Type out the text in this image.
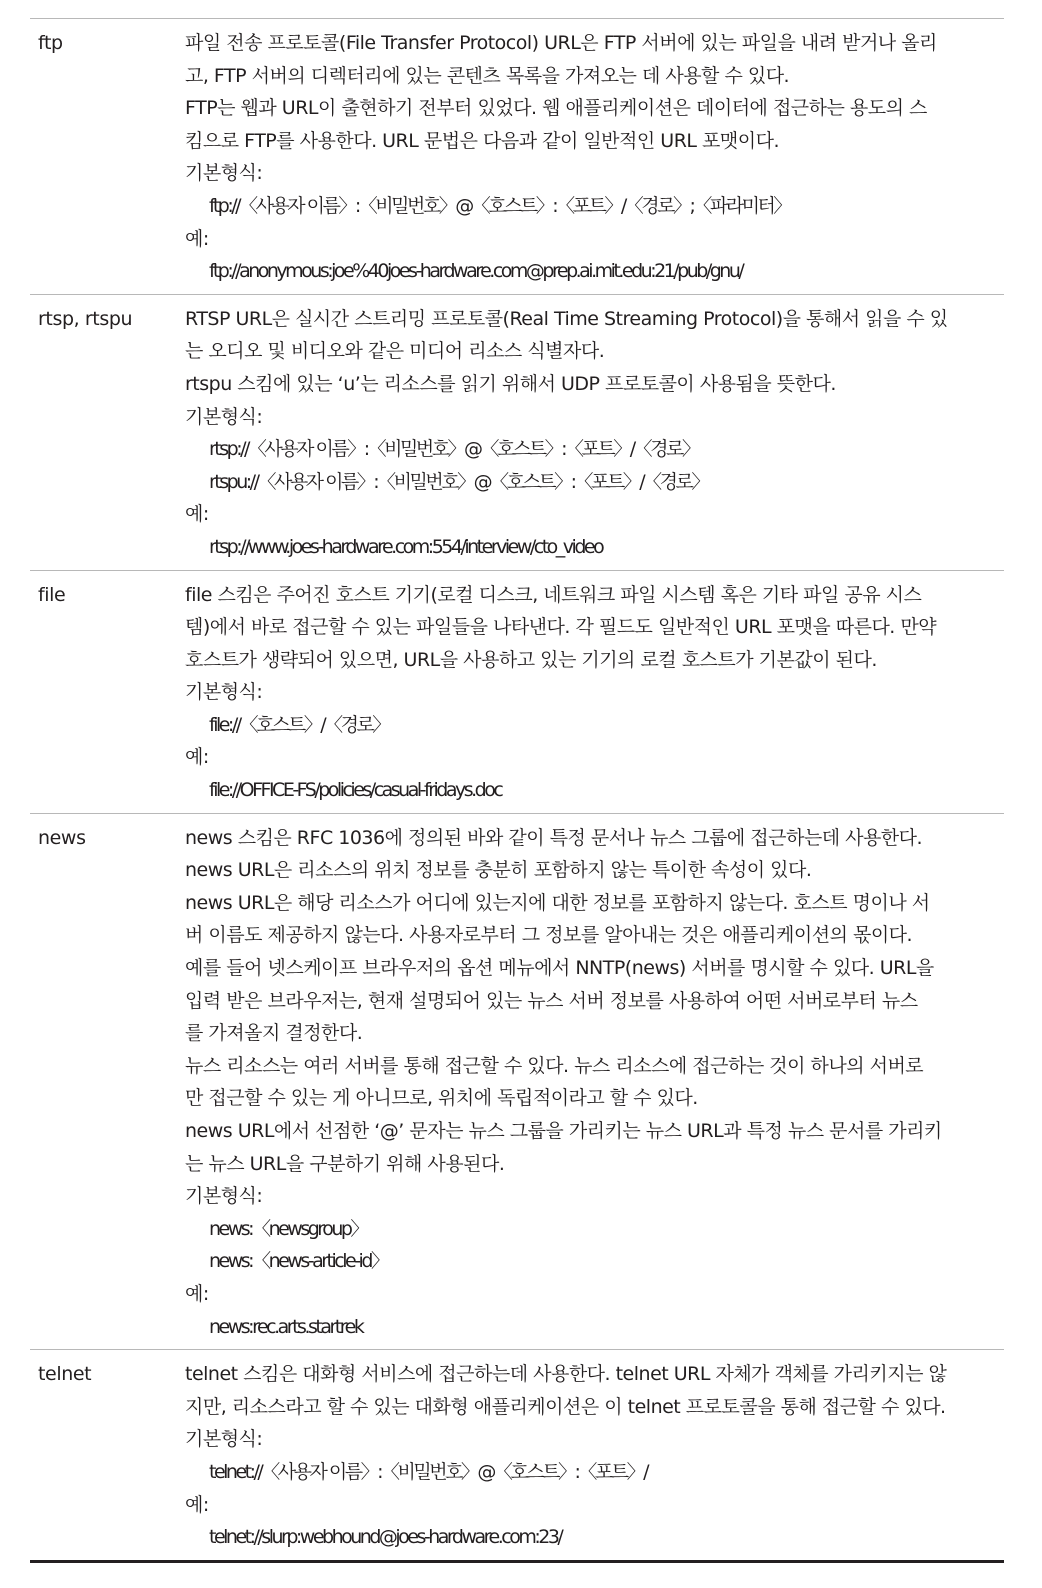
ftp	파일 전송 프로토콜(File Transfer Protocol) URL은 FTP 서버에 있는 파일을 내려 받거나 올리
고, FTP 서버의 디렉터리에 있는 콘텐츠 목록을 가져오는 데 사용할 수 있다.
FTP는 웹과 URL이 출현하기 전부터 있었다. 웹 애플리케이션은 데이터에 접근하는 용도의 스
킴으로 FTP를 사용한다. URL 문법은 다음과 같이 일반적인 URL 포맷이다.
기본형식:
ftp://〈사용자 이름〉:〈비밀번호〉@〈호스트〉:〈포트〉/〈경로〉;〈파라미터〉
예:
ftp://anonymous:joe%40joes-hardware.com@prep.ai.mit.edu:21/pub/gnu/
rtsp, rtspu	RTSP URL은 실시간 스트리밍 프로토콜(Real Time Streaming Protocol)을 통해서 읽을 수 있
는 오디오 및 비디오와 같은 미디어 리소스 식별자다.
rtspu 스킴에 있는 ‘u’는 리소스를 읽기 위해서 UDP 프로토콜이 사용됨을 뜻한다.
기본형식:
rtsp://〈사용자 이름〉:〈비밀번호〉@〈호스트〉:〈포트〉/〈경로〉
rtspu://〈사용자 이름〉:〈비밀번호〉@〈호스트〉:〈포트〉/〈경로〉
예:
rtsp://www.joes-hardware.com:554/interview/cto_video
file	file 스킴은 주어진 호스트 기기(로컬 디스크, 네트워크 파일 시스템 혹은 기타 파일 공유 시스
템)에서 바로 접근할 수 있는 파일들을 나타낸다. 각 필드도 일반적인 URL 포맷을 따른다. 만약
호스트가 생략되어 있으면, URL을 사용하고 있는 기기의 로컬 호스트가 기본값이 된다.
기본형식:
file://〈호스트〉/〈경로〉
예:
file://OFFICE-FS/policies/casual-fridays.doc
news	news 스킴은 RFC 1036에 정의된 바와 같이 특정 문서나 뉴스 그룹에 접근하는데 사용한다.
news URL은 리소스의 위치 정보를 충분히 포함하지 않는 특이한 속성이 있다.
news URL은 해당 리소스가 어디에 있는지에 대한 정보를 포함하지 않는다. 호스트 명이나 서
버 이름도 제공하지 않는다. 사용자로부터 그 정보를 알아내는 것은 애플리케이션의 몫이다.
예를 들어 넷스케이프 브라우저의 옵션 메뉴에서 NNTP(news) 서버를 명시할 수 있다. URL을
입력 받은 브라우저는, 현재 설명되어 있는 뉴스 서버 정보를 사용하여 어떤 서버로부터 뉴스
를 가져올지 결정한다.
뉴스 리소스는 여러 서버를 통해 접근할 수 있다. 뉴스 리소스에 접근하는 것이 하나의 서버로
만 접근할 수 있는 게 아니므로, 위치에 독립적이라고 할 수 있다.
news URL에서 선점한 ‘@’ 문자는 뉴스 그룹을 가리키는 뉴스 URL과 특정 뉴스 문서를 가리키
는 뉴스 URL을 구분하기 위해 사용된다.
기본형식:
news:〈newsgroup〉
news:〈news-article-id〉
예:
news:rec.arts.startrek
telnet	telnet 스킴은 대화형 서비스에 접근하는데 사용한다. telnet URL 자체가 객체를 가리키지는 않
지만, 리소스라고 할 수 있는 대화형 애플리케이션은 이 telnet 프로토콜을 통해 접근할 수 있다.
기본형식:
telnet://〈사용자 이름〉:〈비밀번호〉@〈호스트〉:〈포트〉/
예:
telnet://slurp:webhound@joes-hardware.com:23/
